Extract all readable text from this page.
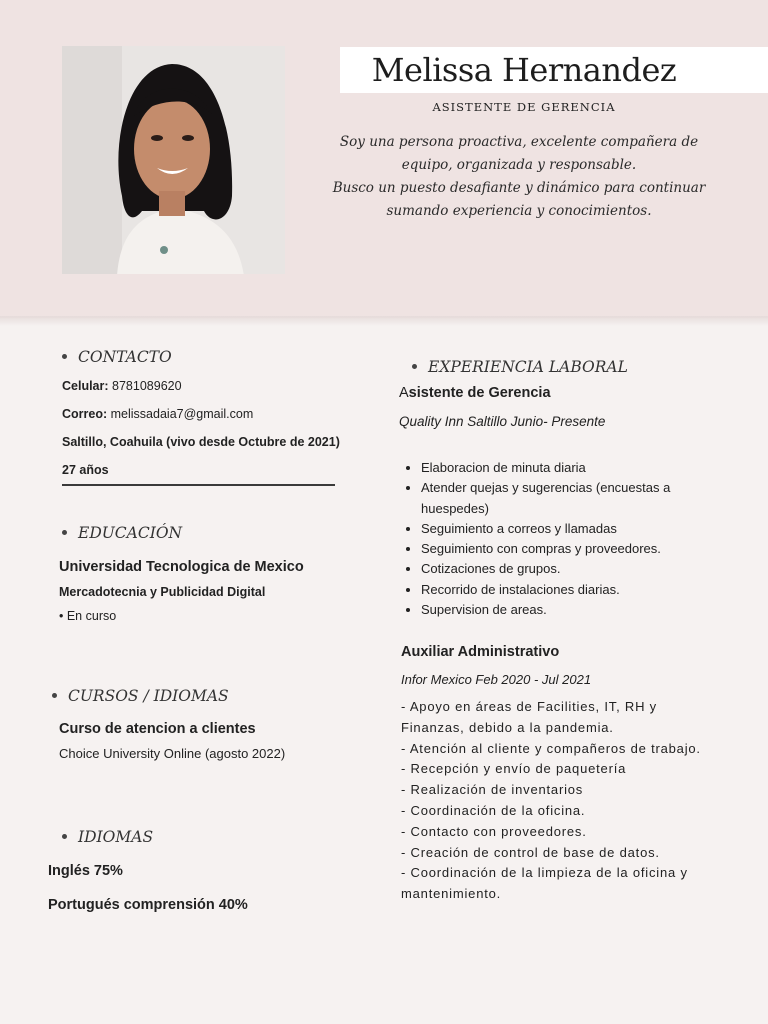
Melissa Hernandez
ASISTENTE DE GERENCIA
Soy una persona proactiva, excelente compañera de
equipo, organizada y responsable.
Busco un puesto desafiante y dinámico para continuar
sumando experiencia y conocimientos.
CONTACTO
Celular: 8781089620
Correo: melissadaia7@gmail.com
Saltillo, Coahuila (vivo desde Octubre de 2021)
27 años
EDUCACIÓN
Universidad Tecnologica de Mexico
Mercadotecnia y Publicidad Digital
• En curso
CURSOS / IDIOMAS
Curso de atencion a clientes
Choice University Online (agosto 2022)
IDIOMAS
Inglés 75%
Portugués comprensión 40%
EXPERIENCIA LABORAL
Asistente de Gerencia
Quality Inn Saltillo Junio- Presente
• Elaboracion de minuta diaria
• Atender quejas y sugerencias (encuestas a huespedes)
• Seguimiento a correos y llamadas
• Seguimiento con compras y proveedores.
• Cotizaciones de grupos.
• Recorrido de instalaciones diarias.
• Supervision de areas.
Auxiliar Administrativo
Infor Mexico Feb 2020 - Jul 2021
- Apoyo en áreas de Facilities, IT, RH y
Finanzas, debido a la pandemia.
- Atención al cliente y compañeros de trabajo.
- Recepción y envío de paquetería
- Realización de inventarios
- Coordinación de la oficina.
- Contacto con proveedores.
- Creación de control de base de datos.
- Coordinación de la limpieza de la oficina y
mantenimiento.
